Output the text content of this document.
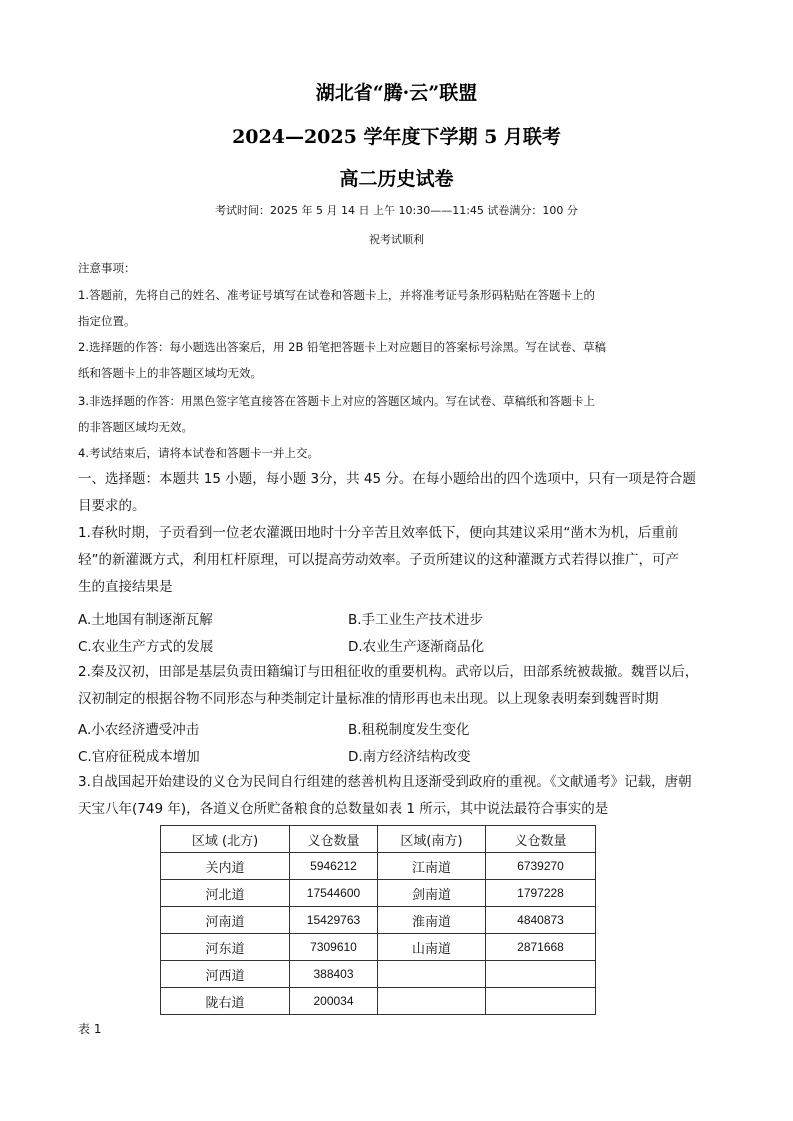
湖北省“腾·云”联盟
2024—2025 学年度下学期 5 月联考
高二历史试卷
考试时间：2025 年 5 月 14 日 上午 10:30——11:45 试卷满分：100 分
祝考试顺利
注意事项：
1.答题前，先将自己的姓名、准考证号填写在试卷和答题卡上，并将准考证号条形码粘贴在答题卡上的
指定位置。
2.选择题的作答：每小题选出答案后，用 2B 铅笔把答题卡上对应题目的答案标号涂黑。写在试卷、草稿
纸和答题卡上的非答题区域均无效。
3.非选择题的作答：用黑色签字笔直接答在答题卡上对应的答题区域内。写在试卷、草稿纸和答题卡上
的非答题区域均无效。
4.考试结束后，请将本试卷和答题卡一并上交。
一、选择题：本题共 15 小题，每小题 3分，共 45 分。在每小题给出的四个选项中，只有一项是符合题
目要求的。
1.春秋时期，子贡看到一位老农灌溉田地时十分辛苦且效率低下，便向其建议采用“凿木为机，后重前
轻”的新灌溉方式，利用杠杆原理，可以提高劳动效率。子贡所建议的这种灌溉方式若得以推广，可产
生的直接结果是
A.土地国有制逐渐瓦解	B.手工业生产技术进步
C.农业生产方式的发展	D.农业生产逐渐商品化
2.秦及汉初，田部是基层负责田籍编订与田租征收的重要机构。武帝以后，田部系统被裁撤。魏晋以后，
汉初制定的根据谷物不同形态与种类制定计量标准的情形再也未出现。以上现象表明秦到魏晋时期
A.小农经济遭受冲击	B.租税制度发生变化
C.官府征税成本增加	D.南方经济结构改变
3.自战国起开始建设的义仓为民间自行组建的慈善机构且逐渐受到政府的重视。《文献通考》记载，唐朝
天宝八年(749 年)，各道义仓所贮备粮食的总数量如表 1 所示，其中说法最符合事实的是
区域 (北方)	义仓数量	区域(南方)	义仓数量
关内道	5946212	江南道	6739270
河北道	17544600	剑南道	1797228
河南道	15429763	淮南道	4840873
河东道	7309610	山南道	2871668
河西道	388403		
陇右道	200034		
表 1
